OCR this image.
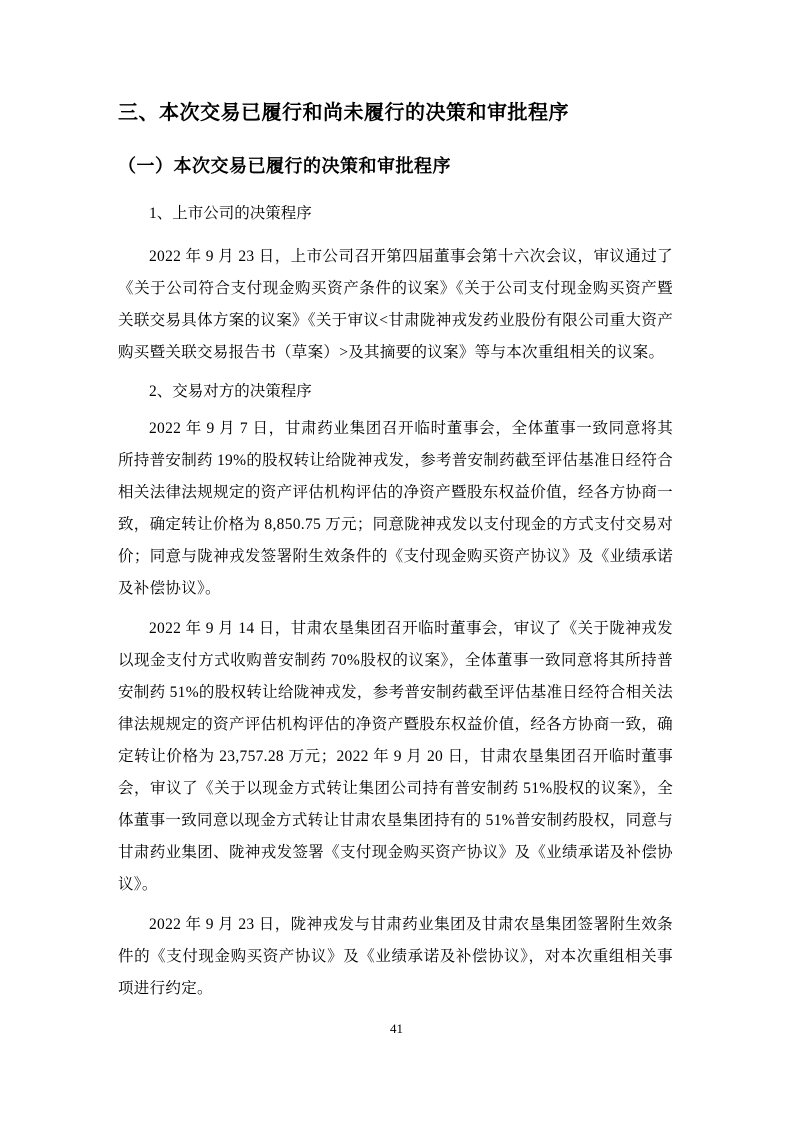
三、本次交易已履行和尚未履行的决策和审批程序
（一）本次交易已履行的决策和审批程序
1、上市公司的决策程序

2022 年 9 月 23 日，上市公司召开第四届董事会第十六次会议，审议通过了《关于公司符合支付现金购买资产条件的议案》《关于公司支付现金购买资产暨关联交易具体方案的议案》《关于审议<甘肃陇神戎发药业股份有限公司重大资产购买暨关联交易报告书（草案）>及其摘要的议案》等与本次重组相关的议案。

2、交易对方的决策程序

2022 年 9 月 7 日，甘肃药业集团召开临时董事会，全体董事一致同意将其所持普安制药 19%的股权转让给陇神戎发，参考普安制药截至评估基准日经符合相关法律法规规定的资产评估机构评估的净资产暨股东权益价值，经各方协商一致，确定转让价格为 8,850.75 万元；同意陇神戎发以支付现金的方式支付交易对价；同意与陇神戎发签署附生效条件的《支付现金购买资产协议》及《业绩承诺及补偿协议》。

2022 年 9 月 14 日，甘肃农垦集团召开临时董事会，审议了《关于陇神戎发以现金支付方式收购普安制药 70%股权的议案》，全体董事一致同意将其所持普安制药 51%的股权转让给陇神戎发，参考普安制药截至评估基准日经符合相关法律法规规定的资产评估机构评估的净资产暨股东权益价值，经各方协商一致，确定转让价格为 23,757.28 万元；2022 年 9 月 20 日，甘肃农垦集团召开临时董事会，审议了《关于以现金方式转让集团公司持有普安制药 51%股权的议案》，全体董事一致同意以现金方式转让甘肃农垦集团持有的 51%普安制药股权，同意与甘肃药业集团、陇神戎发签署《支付现金购买资产协议》及《业绩承诺及补偿协议》。

2022 年 9 月 23 日，陇神戎发与甘肃药业集团及甘肃农垦集团签署附生效条件的《支付现金购买资产协议》及《业绩承诺及补偿协议》，对本次重组相关事项进行约定。

41
